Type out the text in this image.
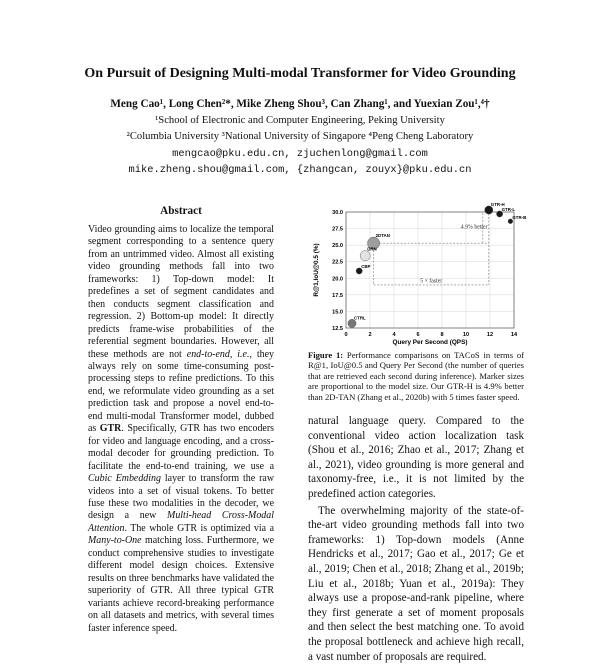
On Pursuit of Designing Multi-modal Transformer for Video Grounding
Meng Cao¹, Long Chen²*, Mike Zheng Shou³, Can Zhang¹, and Yuexian Zou¹,⁴†
¹School of Electronic and Computer Engineering, Peking University
²Columbia University ³National University of Singapore ⁴Peng Cheng Laboratory
mengcao@pku.edu.cn, zjuchenlong@gmail.com
mike.zheng.shou@gmail.com, {zhangcan, zouyx}@pku.edu.cn
Abstract

Video grounding aims to localize the temporal segment corresponding to a sentence query from an untrimmed video. Almost all existing video grounding methods fall into two frameworks: 1) Top-down model: It predefines a set of segment candidates and then conducts segment classification and regression. 2) Bottom-up model: It directly predicts frame-wise probabilities of the referential segment boundaries. However, all these methods are not end-to-end, i.e., they always rely on some time-consuming post-processing steps to refine predictions. To this end, we reformulate video grounding as a set prediction task and propose a novel end-to-end multi-modal Transformer model, dubbed as GTR. Specifically, GTR has two encoders for video and language encoding, and a cross-modal decoder for grounding prediction. To facilitate the end-to-end training, we use a Cubic Embedding layer to transform the raw videos into a set of visual tokens. To better fuse these two modalities in the decoder, we design a new Multi-head Cross-Modal Attention. The whole GTR is optimized via a Many-to-One matching loss. Furthermore, we conduct comprehensive studies to investigate different model design choices. Extensive results on three benchmarks have validated the superiority of GTR. All three typical GTR variants achieve record-breaking performance on all datasets and metrics, with several times faster inference speed.

0	2	4	6	8	10	12	14
12.5
15.0
17.5
20.0
22.5
25.0
27.5
30.0
Query Per Second (QPS)
R@1,IoU@0.5 (%)
4.9% better
5 × faster
GTR-H
GTR-L
GTR-B
2DTAN
DRN
CBP
CTRL
Figure 1: Performance comparisons on TACoS in terms of R@1, IoU@0.5 and Query Per Second (the number of queries that are retrieved each second during inference). Marker sizes are proportional to the model size. Our GTR-H is 4.9% better than 2D-TAN (Zhang et al., 2020b) with 5 times faster speed.

natural language query. Compared to the conventional video action localization task (Shou et al., 2016; Zhao et al., 2017; Zhang et al., 2021), video grounding is more general and taxonomy-free, i.e., it is not limited by the predefined action categories.

The overwhelming majority of the state-of-the-art video grounding methods fall into two frameworks: 1) Top-down models (Anne Hendricks et al., 2017; Gao et al., 2017; Ge et al., 2019; Chen et al., 2018; Zhang et al., 2019b; Liu et al., 2018b; Yuan et al., 2019a): They always use a propose-and-rank pipeline, where they first generate a set of moment proposals and then select the best matching one. To avoid the proposal bottleneck and achieve high recall, a vast number of proposals are required.
